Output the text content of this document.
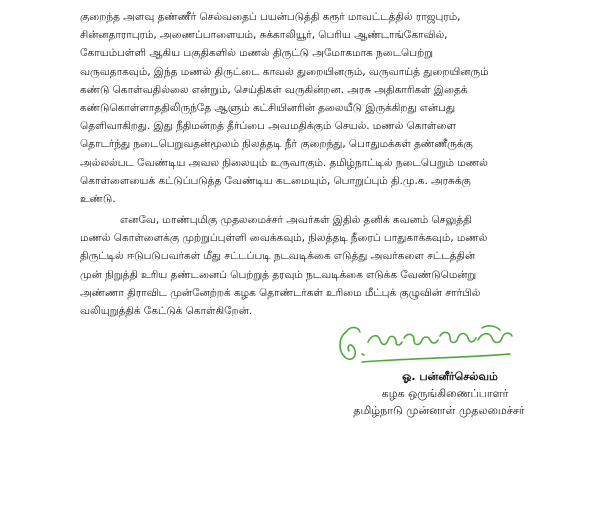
குறைந்த அளவு தண்ணீர் செல்வதைப் பயன்படுத்தி கரூர் மாவட்டத்தில் ராஜபுரம்,
சின்னதாராபுரம், அணைப்பாளையம், சுக்காலியூர், பெரிய ஆண்டாங்கோவில்,
கோயம்பள்ளி ஆகிய பகுதிகளில் மணல் திருட்டு அமோகமாக நடைபெற்று
வருவதாகவும், இந்த மணல் திருட்டை காவல் துறையினரும், வருவாய்த் துறையினரும்
கண்டு கொள்வதில்லை என்றும், செய்திகள் வருகின்றன. அரசு அதிகாரிகள் இதைக்
கண்டுகொள்ளாததிலிருந்தே ஆளும் கட்சியினரின் தலையீடு இருக்கிறது என்பது
தெளிவாகிறது. இது நீதிமன்றத் தீர்ப்பை அவமதிக்கும் செயல். மணல் கொள்ளை
தொடர்ந்து நடைபெறுவதன்மூலம் நிலத்தடி நீர் குறைந்து, பொதுமக்கள் தண்ணீருக்கு
அல்லல்பட வேண்டிய அவல நிலையும் உருவாகும். தமிழ்நாட்டில் நடைபெறும் மணல்
கொள்ளையைக் கட்டுப்படுத்த வேண்டிய கடமையும், பொறுப்பும் தி.மு.க. அரசுக்கு
உண்டு.

எனவே, மாண்புமிகு முதலமைச்சர் அவர்கள் இதில் தனிக் கவனம் செலுத்தி
மணல் கொள்ளைக்கு முற்றுப்புள்ளி வைக்கவும், நிலத்தடி நீரைப் பாதுகாக்கவும், மணல்
திருட்டில் ஈடுபடுபவர்கள் மீது சட்டப்படி நடவடிக்கை எடுத்து அவர்களை சட்டத்தின்
முன் நிறுத்தி உரிய தண்டனைப் பெற்றுத் தரவும் நடவடிக்கை எடுக்க வேண்டுமென்று
அண்ணா திராவிட முன்னேற்றக் கழக தொண்டர்கள் உரிமை மீட்புக் குழுவின் சார்பில்
வலியுறுத்திக் கேட்டுக் கொள்கிறேன்.

ஓ. பன்னீர்செல்வம்
கழக ஒருங்கிணைப்பாளர்
தமிழ்நாடு முன்னாள் முதலமைச்சர்
